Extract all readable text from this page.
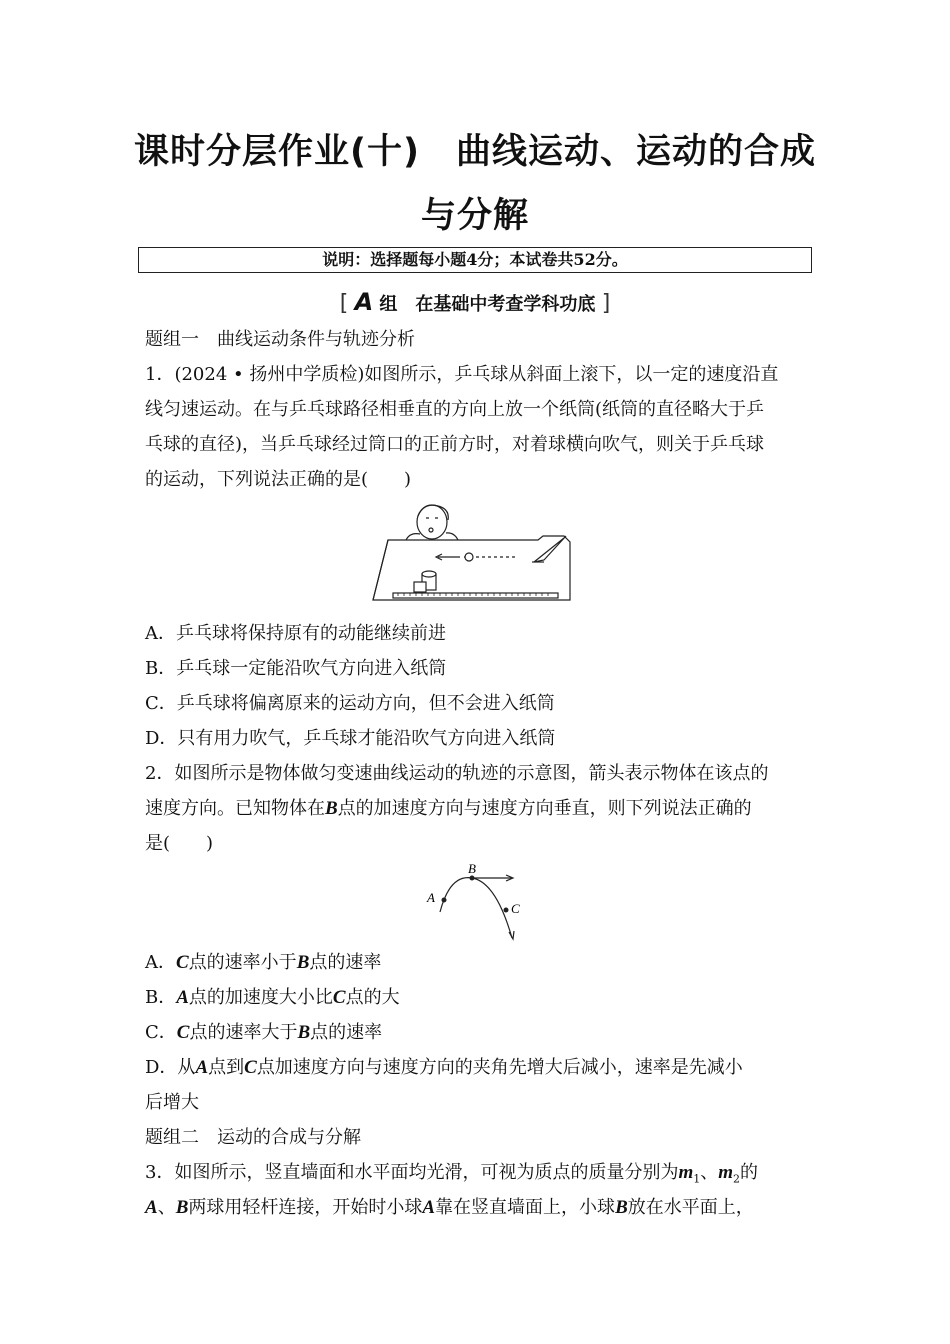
课时分层作业(十)　曲线运动、运动的合成
与分解
说明：选择题每小题4分；本试卷共52分。
[ A 组　在基础中考查学科功底 ]
题组一　曲线运动条件与轨迹分析
1．(2024 • 扬州中学质检)如图所示，乒乓球从斜面上滚下，以一定的速度沿直
线匀速运动。在与乒乓球路径相垂直的方向上放一个纸筒(纸筒的直径略大于乒
乓球的直径)，当乒乓球经过筒口的正前方时，对着球横向吹气，则关于乒乓球
的运动，下列说法正确的是(　　)
A．乒乓球将保持原有的动能继续前进
B．乒乓球一定能沿吹气方向进入纸筒
C．乒乓球将偏离原来的运动方向，但不会进入纸筒
D．只有用力吹气，乒乓球才能沿吹气方向进入纸筒
2．如图所示是物体做匀变速曲线运动的轨迹的示意图，箭头表示物体在该点的
速度方向。已知物体在B点的加速度方向与速度方向垂直，则下列说法正确的
是(　　)
A
B
C
A．C点的速率小于B点的速率
B．A点的加速度大小比C点的大
C．C点的速率大于B点的速率
D．从A点到C点加速度方向与速度方向的夹角先增大后减小，速率是先减小
后增大
题组二　运动的合成与分解
3．如图所示，竖直墙面和水平面均光滑，可视为质点的质量分别为$m_1$、$m_2$的
A、B两球用轻杆连接，开始时小球A靠在竖直墙面上，小球B放在水平面上，
